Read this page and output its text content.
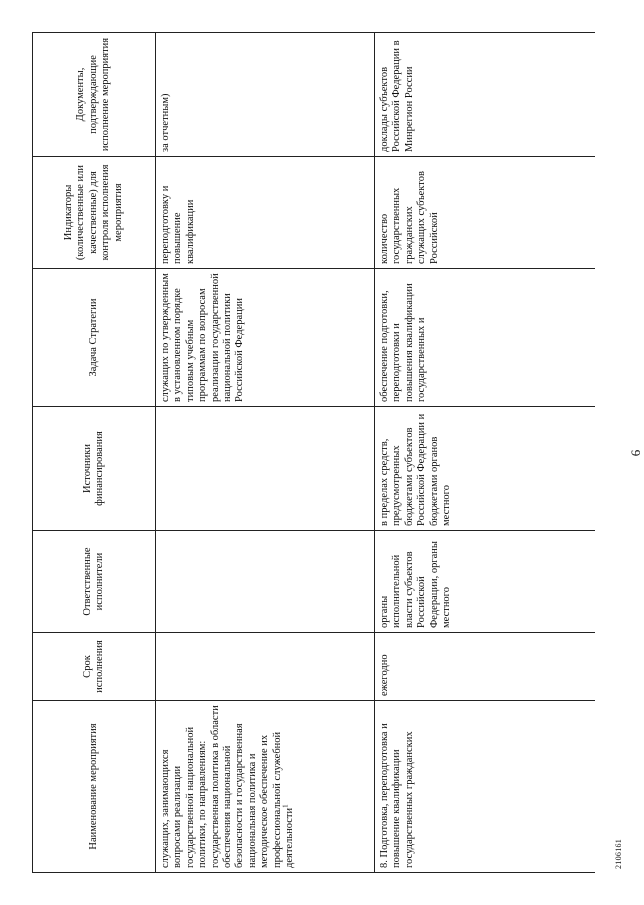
Наименование мероприятия	Срок исполнения	Ответственные исполнители	Источники финансирования	Задача Стратегии	Индикаторы (количественные или качественные) для контроля исполнения мероприятия	Документы, подтверждающие исполнение мероприятия
служащих, занимающихся вопросами реализации государственной национальной политики, по направлениям: государственная политика в области обеспечения национальной безопасности и государственная национальная политика и методическое обеспечение их профессиональной служебной деятельности$^1$				служащих по утвержденным в установленном порядке типовым учебным программам по вопросам реализации государственной национальной политики Российской Федерации	переподготовку и повышение квалификации	за отчетным)
8. Подготовка, переподготовка и повышение квалификации государственных гражданских	ежегодно	органы исполнительной власти субъектов Российской Федерации, органы местного	в пределах средств, предусмотренных бюджетами субъектов Российской Федерации и бюджетами органов местного	обеспечение подготовки, переподготовки и повышения квалификации государственных и	количество государственных гражданских служащих субъектов Российской	доклады субъектов Российской Федерации в Минрегион России
6
2106161
